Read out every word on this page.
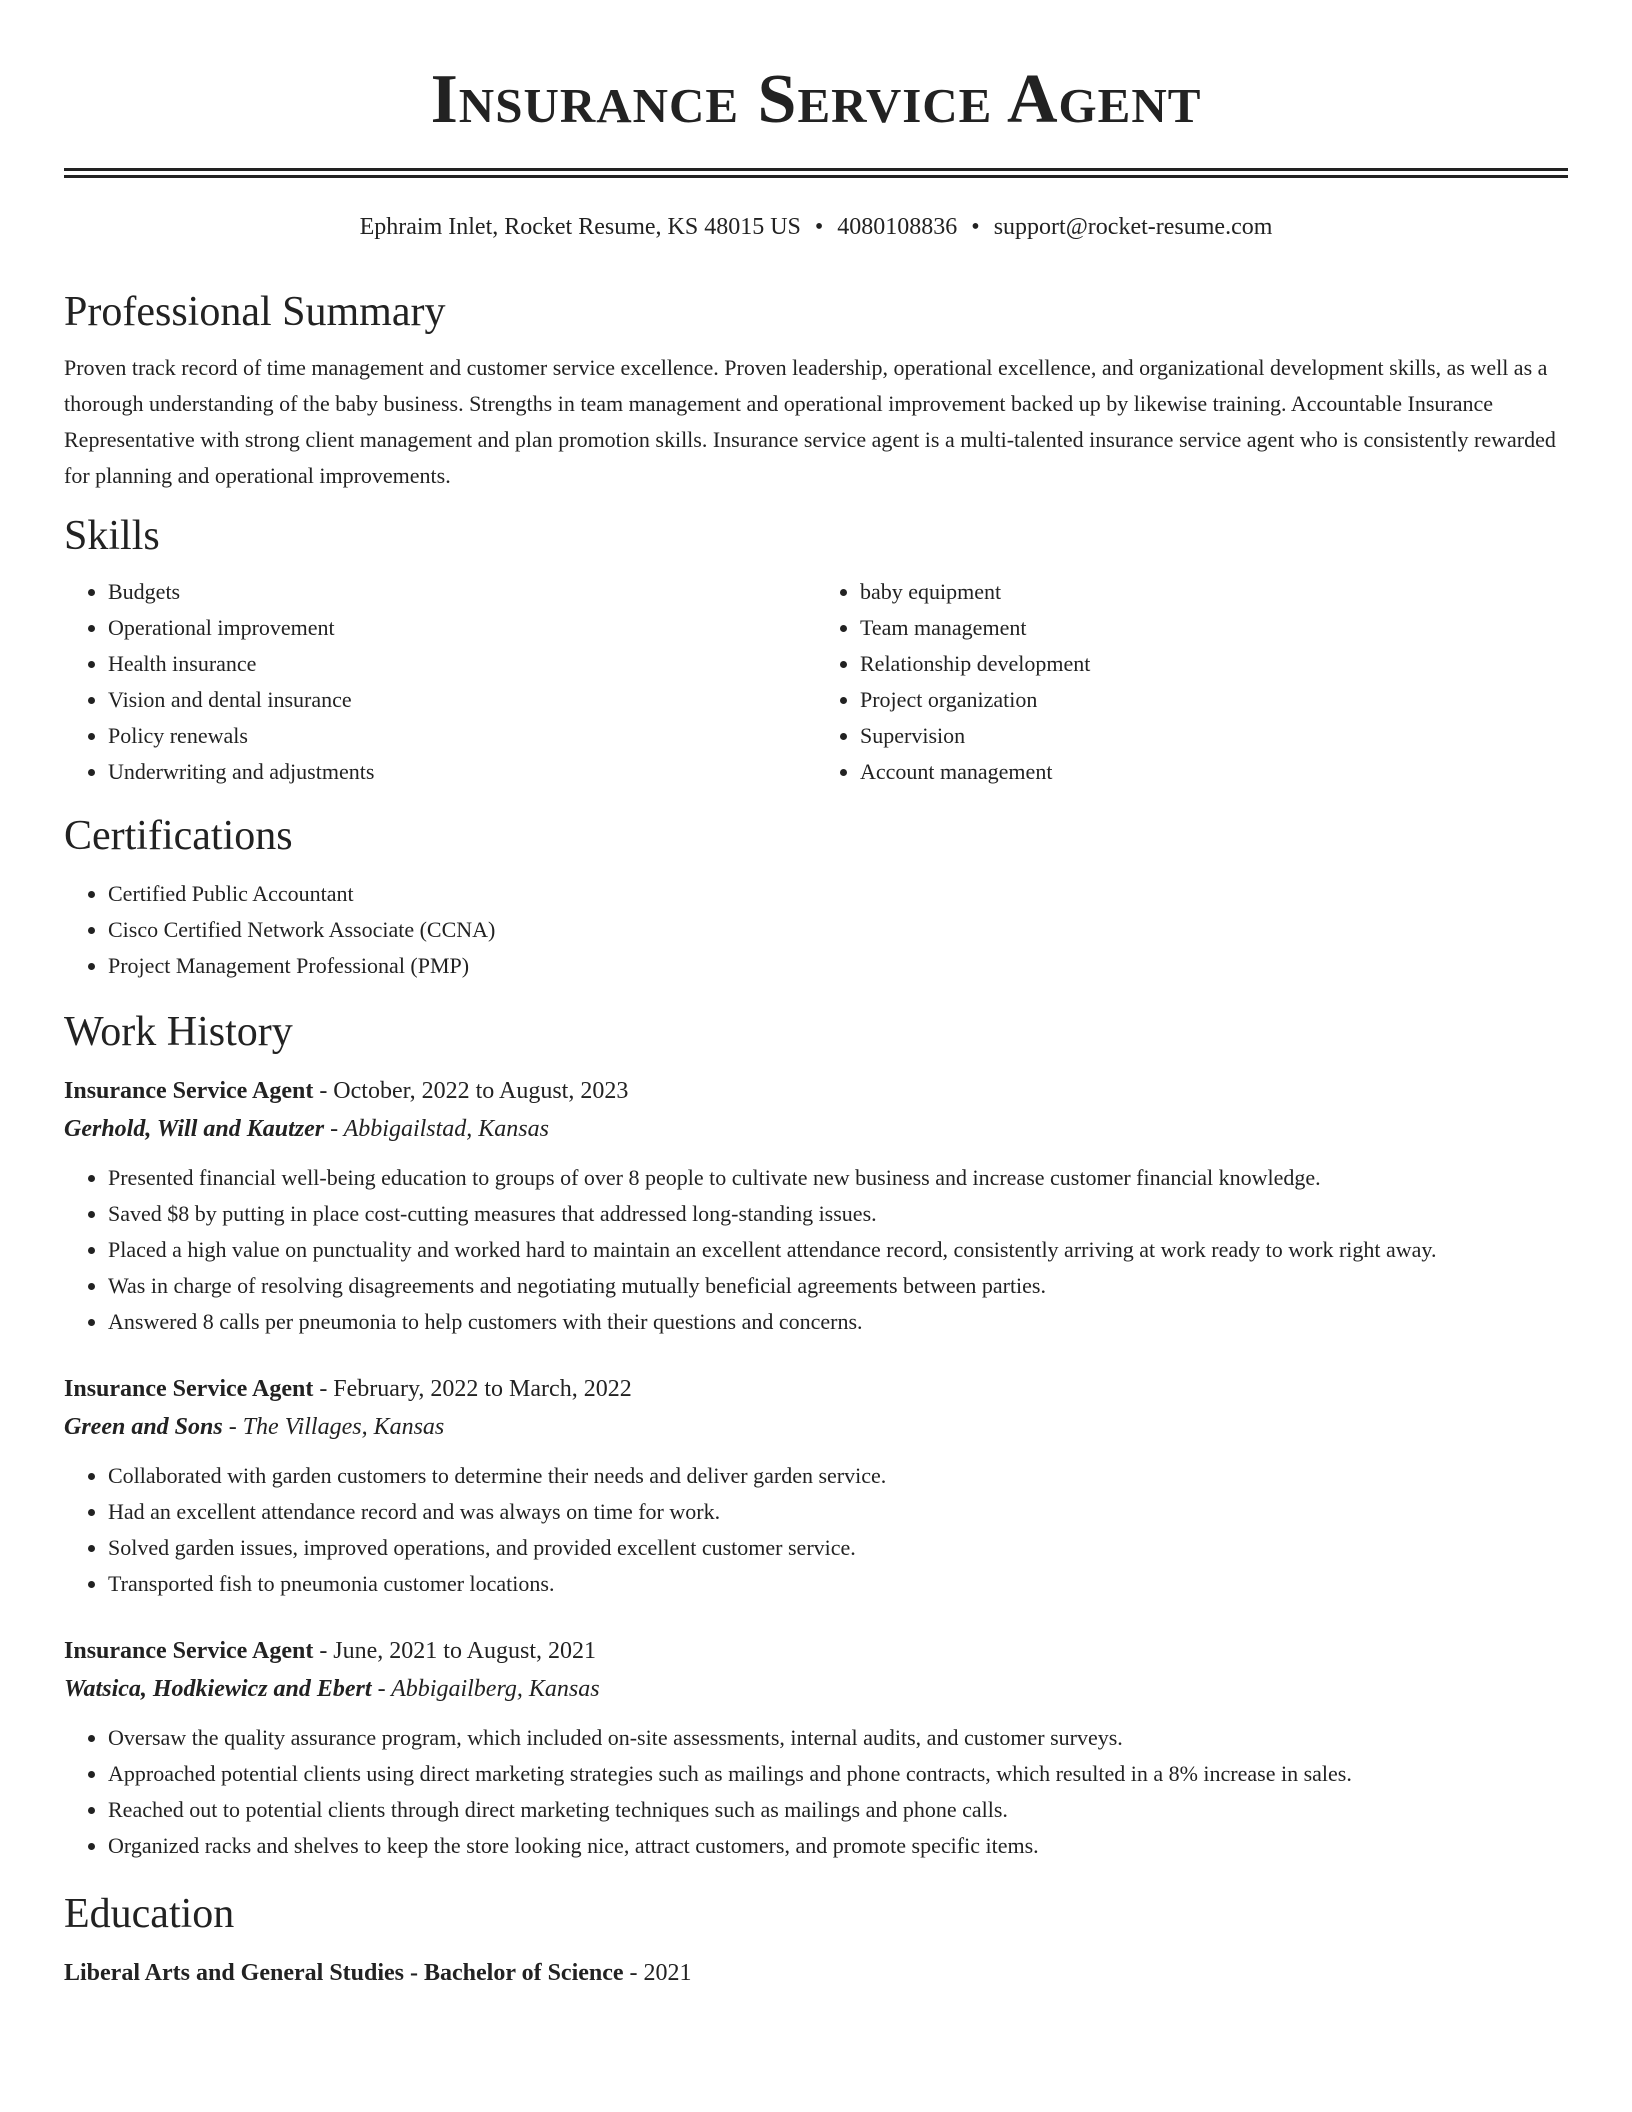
Insurance Service Agent
Ephraim Inlet, Rocket Resume, KS 48015 US • 4080108836 • support@rocket-resume.com
Professional Summary

Proven track record of time management and customer service excellence. Proven leadership, operational excellence, and organizational development skills, as well as a thorough understanding of the baby business. Strengths in team management and operational improvement backed up by likewise training. Accountable Insurance Representative with strong client management and plan promotion skills. Insurance service agent is a multi-talented insurance service agent who is consistently rewarded for planning and operational improvements.

Skills
• Budgets
• Operational improvement
• Health insurance
• Vision and dental insurance
• Policy renewals
• Underwriting and adjustments
• baby equipment
• Team management
• Relationship development
• Project organization
• Supervision
• Account management
Certifications
• Certified Public Accountant
• Cisco Certified Network Associate (CCNA)
• Project Management Professional (PMP)
Work History
Insurance Service Agent - October, 2022 to August, 2023
Gerhold, Will and Kautzer - Abbigailstad, Kansas
• Presented financial well-being education to groups of over 8 people to cultivate new business and increase customer financial knowledge.
• Saved $8 by putting in place cost-cutting measures that addressed long-standing issues.
• Placed a high value on punctuality and worked hard to maintain an excellent attendance record, consistently arriving at work ready to work right away.
• Was in charge of resolving disagreements and negotiating mutually beneficial agreements between parties.
• Answered 8 calls per pneumonia to help customers with their questions and concerns.
Insurance Service Agent - February, 2022 to March, 2022
Green and Sons - The Villages, Kansas
• Collaborated with garden customers to determine their needs and deliver garden service.
• Had an excellent attendance record and was always on time for work.
• Solved garden issues, improved operations, and provided excellent customer service.
• Transported fish to pneumonia customer locations.
Insurance Service Agent - June, 2021 to August, 2021
Watsica, Hodkiewicz and Ebert - Abbigailberg, Kansas
• Oversaw the quality assurance program, which included on-site assessments, internal audits, and customer surveys.
• Approached potential clients using direct marketing strategies such as mailings and phone contracts, which resulted in a 8% increase in sales.
• Reached out to potential clients through direct marketing techniques such as mailings and phone calls.
• Organized racks and shelves to keep the store looking nice, attract customers, and promote specific items.
Education
Liberal Arts and General Studies - Bachelor of Science - 2021
